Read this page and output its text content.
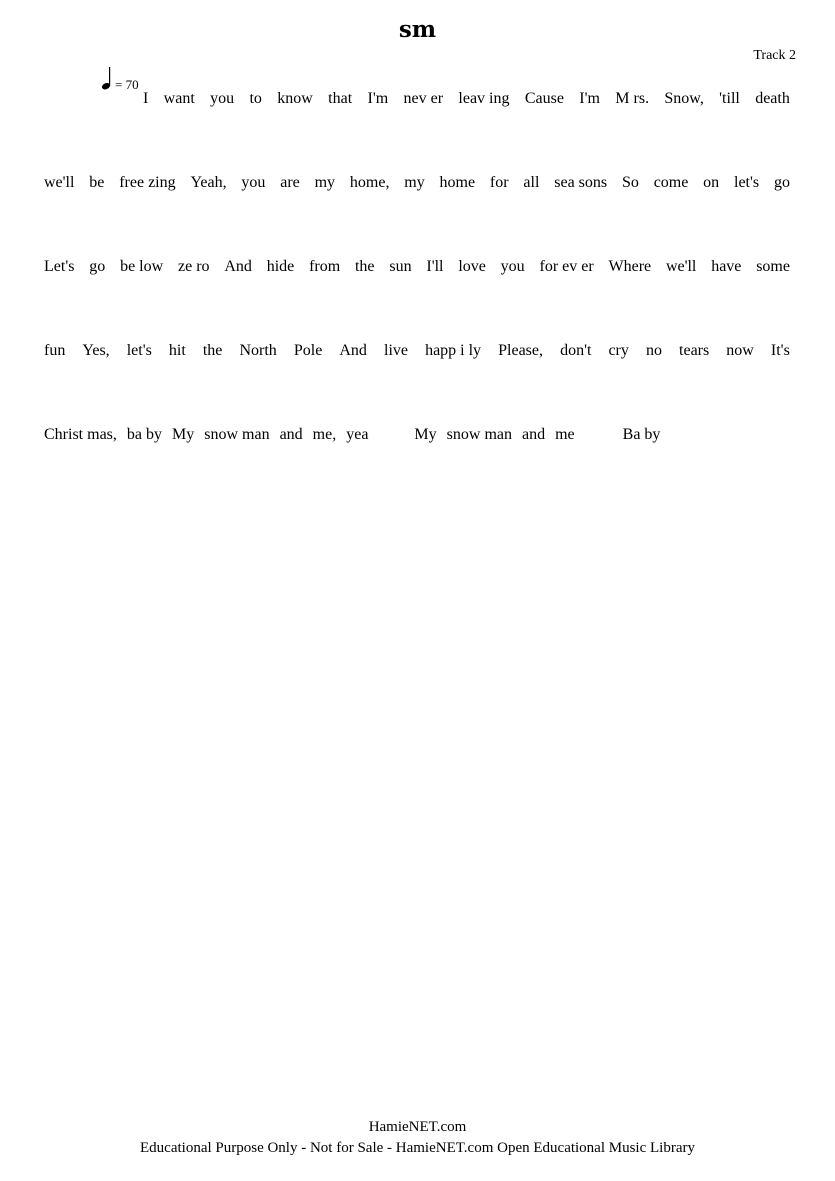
sm
Track 2
= 70
I want you to know that I'm nev er leav ing Cause I'm M rs. Snow, 'till death
we'll be free zing Yeah, you are my home, my home for all sea sons So come on let's go
Let's go be low ze ro And hide from the sun I'll love you for ev er Where we'll have some
fun Yes, let's hit the North Pole And live happ i ly Please, don't cry no tears now It's
Christ mas, ba by My snow man and me, yea	My snow man and me	Ba by
HamieNET.com
Educational Purpose Only - Not for Sale - HamieNET.com Open Educational Music Library
